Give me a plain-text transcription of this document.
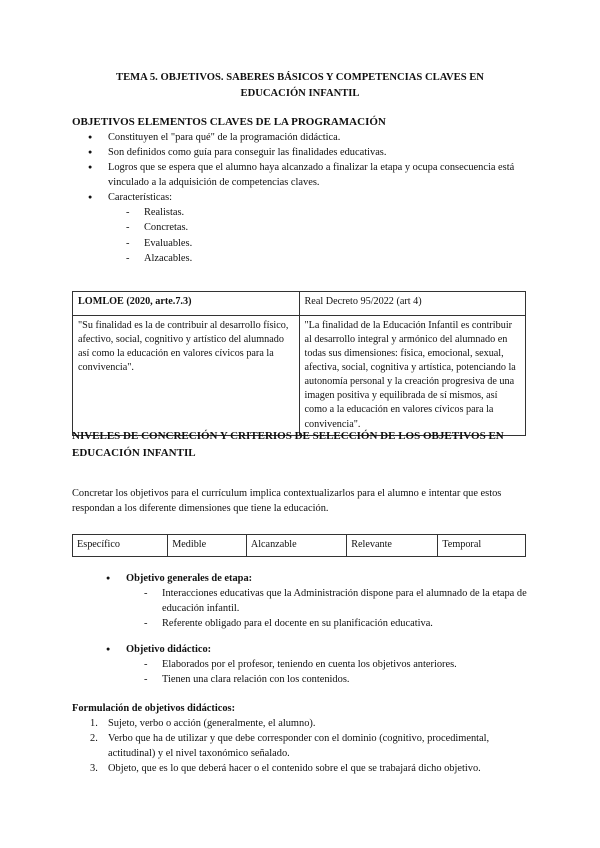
TEMA 5. OBJETIVOS. SABERES BÁSICOS Y COMPETENCIAS CLAVES EN EDUCACIÓN INFANTIL
OBJETIVOS ELEMENTOS CLAVES DE LA PROGRAMACIÓN
● Constituyen el "para qué" de la programación didáctica.
● Son definidos como guía para conseguir las finalidades educativas.
● Logros que se espera que el alumno haya alcanzado a finalizar la etapa y ocupa consecuencia está vinculado a la adquisición de competencias claves.
● Características:
- Realistas.
- Concretas.
- Evaluables.
- Alzacables.
LOMLOE (2020, arte.7.3)	Real Decreto 95/2022 (art 4)
"Su finalidad es la de contribuir al desarrollo físico, afectivo, social, cognitivo y artístico del alumnado así como la educación en valores cívicos para la convivencia".	"La finalidad de la Educación Infantil es contribuir al desarrollo integral y armónico del alumnado en todas sus dimensiones: física, emocional, sexual, afectiva, social, cognitiva y artística, potenciando la autonomía personal y la creación progresiva de una imagen positiva y equilibrada de sí mismos, así como a la educación en valores cívicos para la convivencia".
NIVELES DE CONCRECIÓN Y CRITERIOS DE SELECCIÓN DE LOS OBJETIVOS EN EDUCACIÓN INFANTIL
Concretar los objetivos para el currículum implica contextualizarlos para el alumno e intentar que estos respondan a los diferente dimensiones que tiene la educación.
Específico	Medible	Alcanzable	Relevante	Temporal
● Objetivo generales de etapa:
- Interacciones educativas que la Administración dispone para el alumnado de la etapa de educación infantil.
- Referente obligado para el docente en su planificación educativa.
● Objetivo didáctico:
- Elaborados por el profesor, teniendo en cuenta los objetivos anteriores.
- Tienen una clara relación con los contenidos.
Formulación de objetivos didácticos:
1. Sujeto, verbo o acción (generalmente, el alumno).
2. Verbo que ha de utilizar y que debe corresponder con el dominio (cognitivo, procedimental, actitudinal) y el nivel taxonómico señalado.
3. Objeto, que es lo que deberá hacer o el contenido sobre el que se trabajará dicho objetivo.
